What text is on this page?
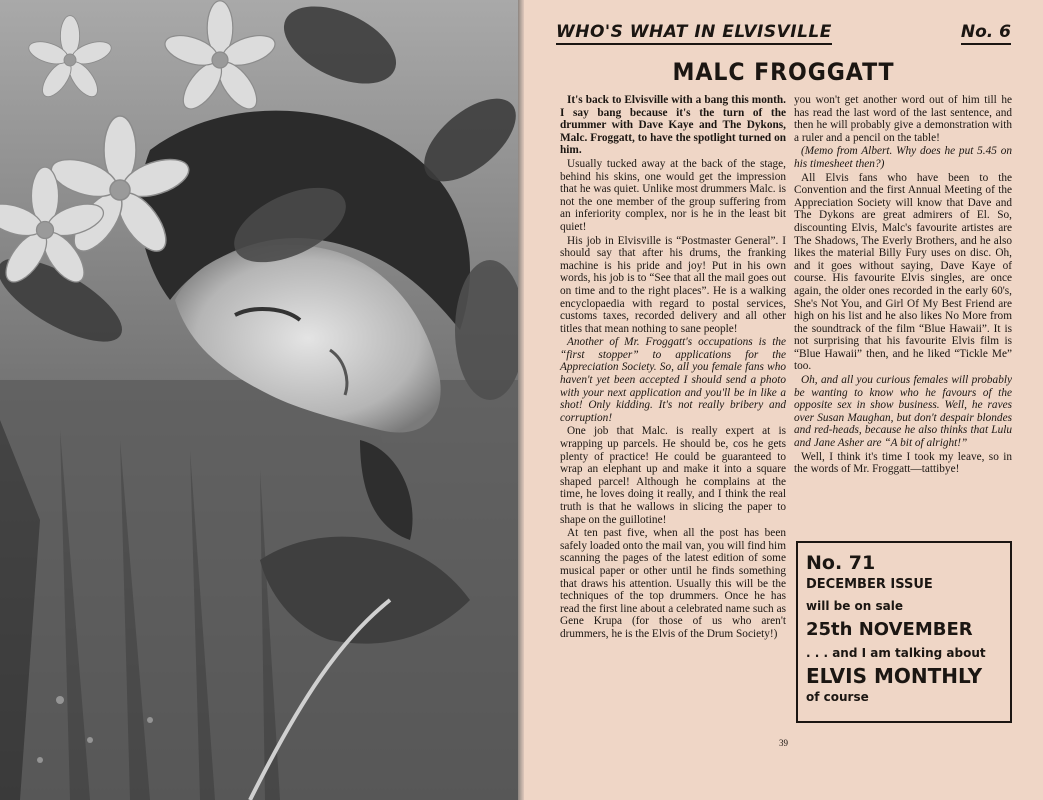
WHO'S WHAT IN ELVISVILLE	No. 6
MALC FROGGATT

It's back to Elvisville with a bang this month. I say bang because it's the turn of the drummer with Dave Kaye and The Dykons, Malc. Froggatt, to have the spotlight turned on him.

Usually tucked away at the back of the stage, behind his skins, one would get the impression that he was quiet. Unlike most drummers Malc. is not the one member of the group suffering from an inferiority complex, nor is he in the least bit quiet!

His job in Elvisville is “Postmaster General”. I should say that after his drums, the franking machine is his pride and joy! Put in his own words, his job is to “See that all the mail goes out on time and to the right places”. He is a walking encyclopaedia with regard to postal services, customs taxes, recorded delivery and all other titles that mean nothing to sane people!

Another of Mr. Froggatt's occupations is the “first stopper” to applications for the Appreciation Society. So, all you female fans who haven't yet been accepted I should send a photo with your next application and you'll be in like a shot! Only kidding. It's not really bribery and corruption!

One job that Malc. is really expert at is wrapping up parcels. He should be, cos he gets plenty of practice! He could be guaranteed to wrap an elephant up and make it into a square shaped parcel! Although he complains at the time, he loves doing it really, and I think the real truth is that he wallows in slicing the paper to shape on the guillotine!

At ten past five, when all the post has been safely loaded onto the mail van, you will find him scanning the pages of the latest edition of some musical paper or other until he finds something that draws his attention. Usually this will be the techniques of the top drummers. Once he has read the first line about a celebrated name such as Gene Krupa (for those of us who aren't drummers, he is the Elvis of the Drum Society!)

you won't get another word out of him till he has read the last word of the last sentence, and then he will probably give a demonstration with a ruler and a pencil on the table!

(Memo from Albert. Why does he put 5.45 on his timesheet then?)

All Elvis fans who have been to the Convention and the first Annual Meeting of the Appreciation Society will know that Dave and The Dykons are great admirers of El. So, discounting Elvis, Malc's favourite artistes are The Shadows, The Everly Brothers, and he also likes the material Billy Fury uses on disc. Oh, and it goes without saying, Dave Kaye of course. His favourite Elvis singles, are once again, the older ones recorded in the early 60's, She's Not You, and Girl Of My Best Friend are high on his list and he also likes No More from the soundtrack of the film “Blue Hawaii”. It is not surprising that his favourite Elvis film is “Blue Hawaii” then, and he liked “Tickle Me” too.

Oh, and all you curious females will probably be wanting to know who he favours of the opposite sex in show business. Well, he raves over Susan Maughan, but don't despair blondes and red-heads, because he also thinks that Lulu and Jane Asher are “A bit of alright!”

Well, I think it's time I took my leave, so in the words of Mr. Froggatt—tattibye!

No. 71
DECEMBER ISSUE
will be on sale
25th NOVEMBER
. . . and I am talking about
ELVIS MONTHLY
of course
39
